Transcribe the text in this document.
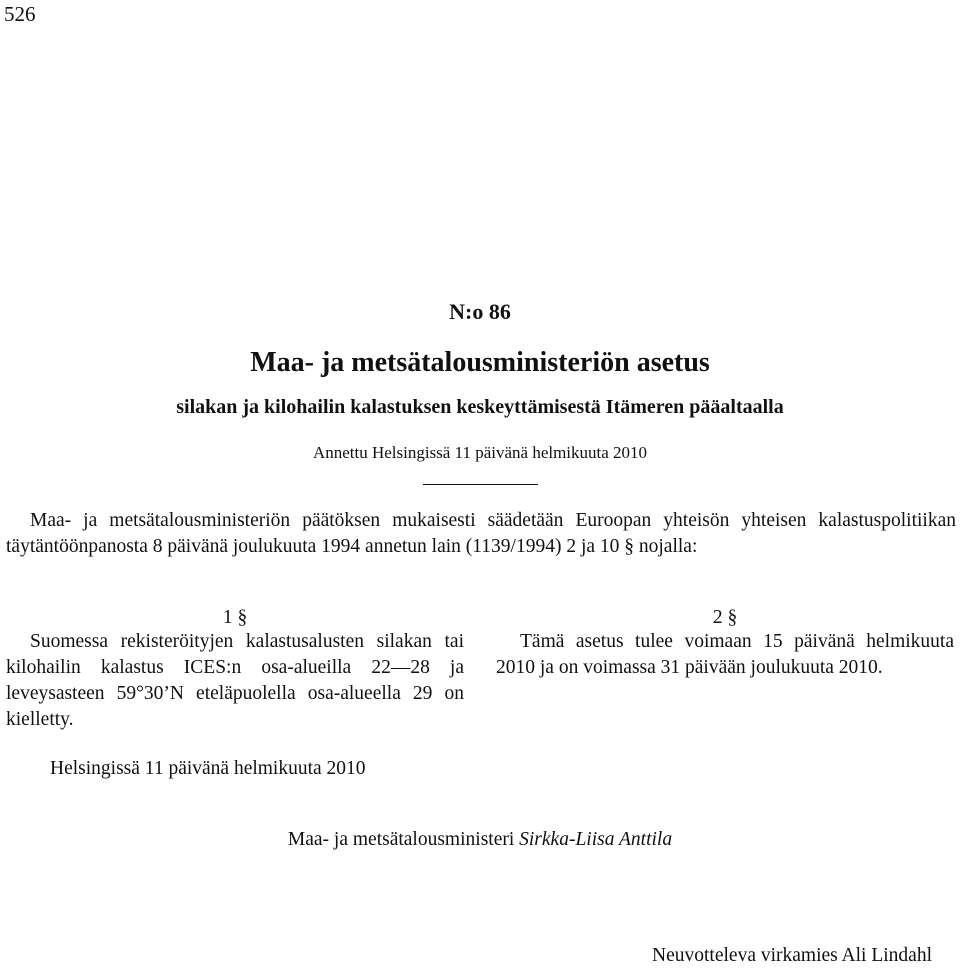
526
N:o 86
Maa- ja metsätalousministeriön asetus
silakan ja kilohailin kalastuksen keskeyttämisestä Itämeren pääaltaalla
Annettu Helsingissä 11 päivänä helmikuuta 2010
Maa- ja metsätalousministeriön päätöksen mukaisesti säädetään Euroopan yhteisön yhteisen kalastuspolitiikan täytäntöönpanosta 8 päivänä joulukuuta 1994 annetun lain (1139/1994) 2 ja 10 § nojalla:
1 §
Suomessa rekisteröityjen kalastusalusten silakan tai kilohailin kalastus ICES:n osa-alueilla 22—28 ja leveysasteen 59°30’N eteläpuolella osa-alueella 29 on kielletty.
2 §
Tämä asetus tulee voimaan 15 päivänä helmikuuta 2010 ja on voimassa 31 päivään joulukuuta 2010.
Helsingissä 11 päivänä helmikuuta 2010
Maa- ja metsätalousministeri Sirkka-Liisa Anttila
Neuvotteleva virkamies Ali Lindahl
